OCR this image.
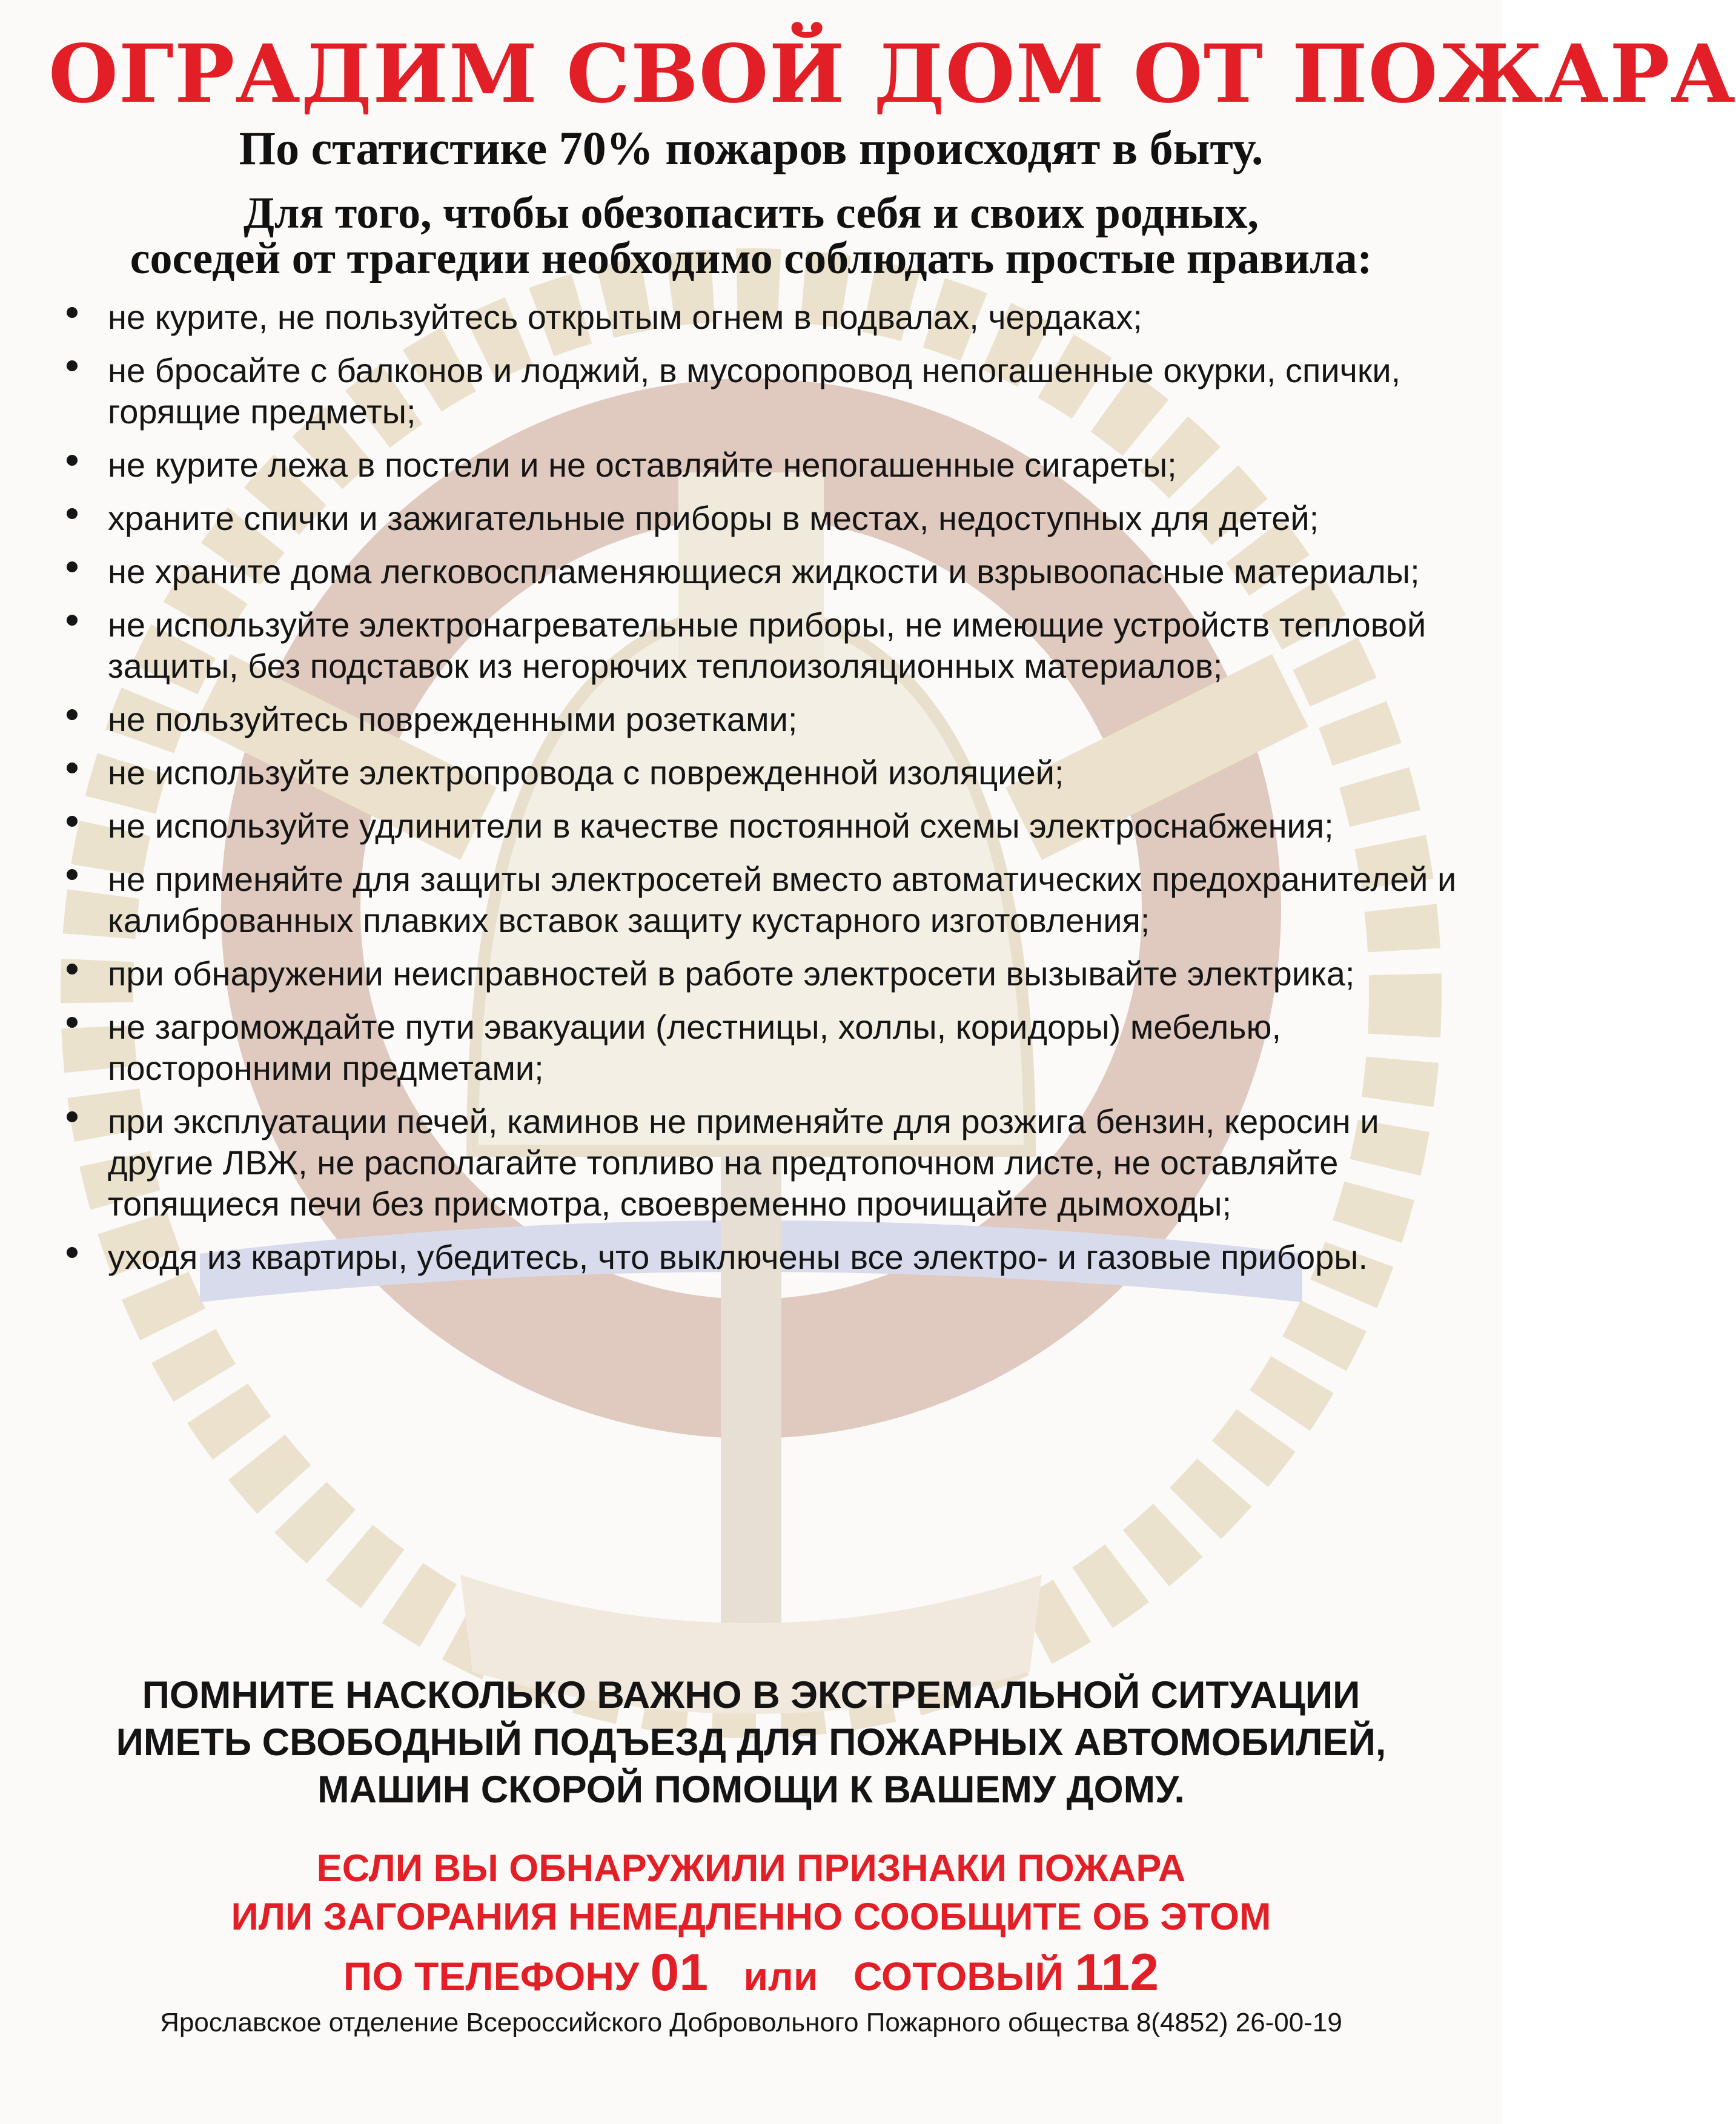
ОГРАДИМ СВОЙ ДОМ ОТ ПОЖАРА
По статистике 70% пожаров происходят в быту.
Для того, чтобы обезопасить себя и своих родных,
соседей от трагедии необходимо соблюдать простые правила:
не курите, не пользуйтесь открытым огнем в подвалах, чердаках;
не бросайте с балконов и лоджий, в мусоропровод непогашенные окурки, спички, горящие предметы;
не курите лежа в постели и не оставляйте непогашенные сигареты;
храните спички и зажигательные приборы в местах, недоступных для детей;
не храните дома легковоспламеняющиеся жидкости и взрывоопасные материалы;
не используйте электронагревательные приборы, не имеющие устройств тепловой защиты, без подставок из негорючих теплоизоляционных материалов;
не пользуйтесь поврежденными розетками;
не используйте электропровода с поврежденной изоляцией;
не используйте удлинители в качестве постоянной схемы электроснабжения;
не применяйте для защиты электросетей вместо автоматических предохранителей и калиброванных плавких вставок защиту кустарного изготовления;
при обнаружении неисправностей в работе электросети вызывайте электрика;
не загромождайте пути эвакуации (лестницы, холлы, коридоры) мебелью, посторонними предметами;
при эксплуатации печей, каминов не применяйте для розжига бензин, керосин и другие ЛВЖ, не располагайте топливо на предтопочном листе, не оставляйте топящиеся печи без присмотра, своевременно прочищайте дымоходы;
уходя из квартиры, убедитесь, что выключены все электро- и газовые приборы.
ПОМНИТЕ НАСКОЛЬКО ВАЖНО В ЭКСТРЕМАЛЬНОЙ СИТУАЦИИ
ИМЕТЬ СВОБОДНЫЙ ПОДЪЕЗД ДЛЯ ПОЖАРНЫХ АВТОМОБИЛЕЙ,
МАШИН СКОРОЙ ПОМОЩИ К ВАШЕМУ ДОМУ.
ЕСЛИ ВЫ ОБНАРУЖИЛИ ПРИЗНАКИ ПОЖАРА
ИЛИ ЗАГОРАНИЯ НЕМЕДЛЕННО СООБЩИТЕ ОБ ЭТОМ
ПО ТЕЛЕФОНУ 01 или СОТОВЫЙ 112
Ярославское отделение Всероссийского Добровольного Пожарного общества 8(4852) 26-00-19
